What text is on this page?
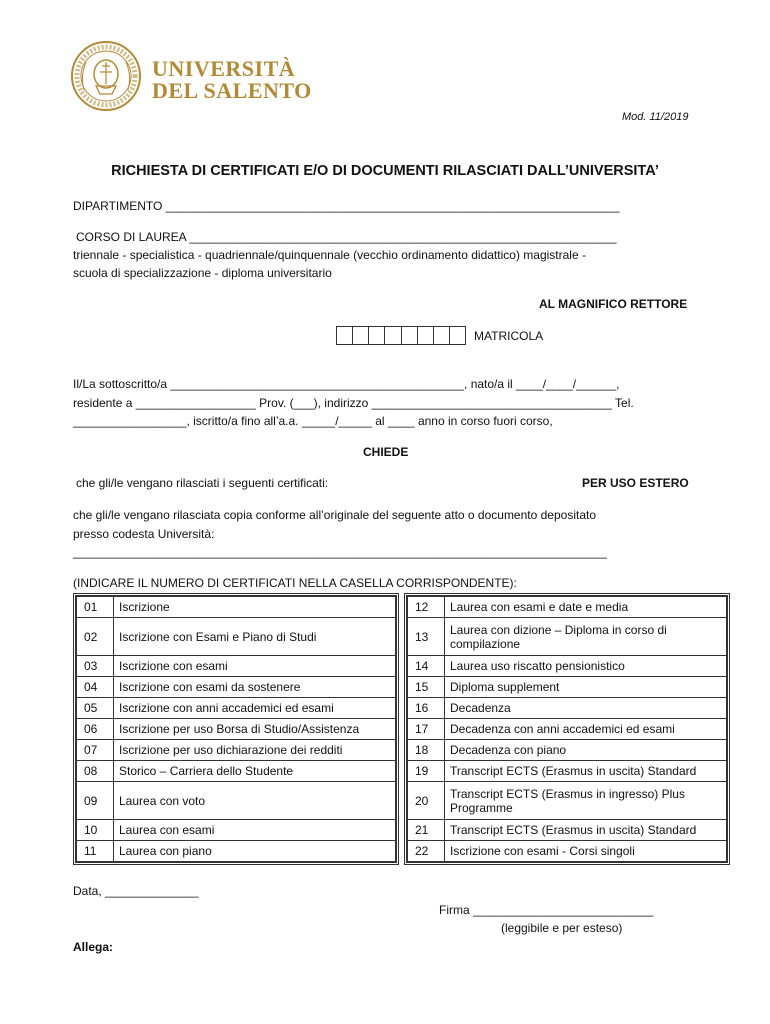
UNIVERSITÀ
DEL SALENTO
Mod. 11/2019
RICHIESTA DI CERTIFICATI E/O DI DOCUMENTI RILASCIATI DALL’UNIVERSITA’
DIPARTIMENTO ____________________________________________________________________
CORSO DI LAUREA ________________________________________________________________
triennale - specialistica - quadriennale/quinquennale (vecchio ordinamento didattico) magistrale -
scuola di specializzazione - diploma universitario
AL MAGNIFICO RETTORE
MATRICOLA
Il/La sottoscritto/a ____________________________________________, nato/a il ____/____/______,
residente a __________________ Prov. (___), indirizzo ____________________________________ Tel.
_________________, iscritto/a fino all’a.a. _____/_____ al ____ anno in corso fuori corso,
CHIEDE
che gli/le vengano rilasciati i seguenti certificati:	PER USO ESTERO
che gli/le vengano rilasciata copia conforme all’originale del seguente atto o documento depositato
presso codesta Università:
________________________________________________________________________________
(INDICARE IL NUMERO DI CERTIFICATI NELLA CASELLA CORRISPONDENTE):
01	Iscrizione
02	Iscrizione con Esami e Piano di Studi
03	Iscrizione con esami
04	Iscrizione con esami da sostenere
05	Iscrizione con anni accademici ed esami
06	Iscrizione per uso Borsa di Studio/Assistenza
07	Iscrizione per uso dichiarazione dei redditi
08	Storico – Carriera dello Studente
09	Laurea con voto
10	Laurea con esami
11	Laurea con piano
12	Laurea con esami e date e media
13	Laurea con dizione – Diploma in corso di compilazione
14	Laurea uso riscatto pensionistico
15	Diploma supplement
16	Decadenza
17	Decadenza con anni accademici ed esami
18	Decadenza con piano
19	Transcript ECTS (Erasmus in uscita) Standard
20	Transcript ECTS (Erasmus in ingresso) Plus Programme
21	Transcript ECTS (Erasmus in uscita) Standard
22	Iscrizione con esami - Corsi singoli
Data, ______________
Firma ___________________________
(leggibile e per esteso)
Allega:
